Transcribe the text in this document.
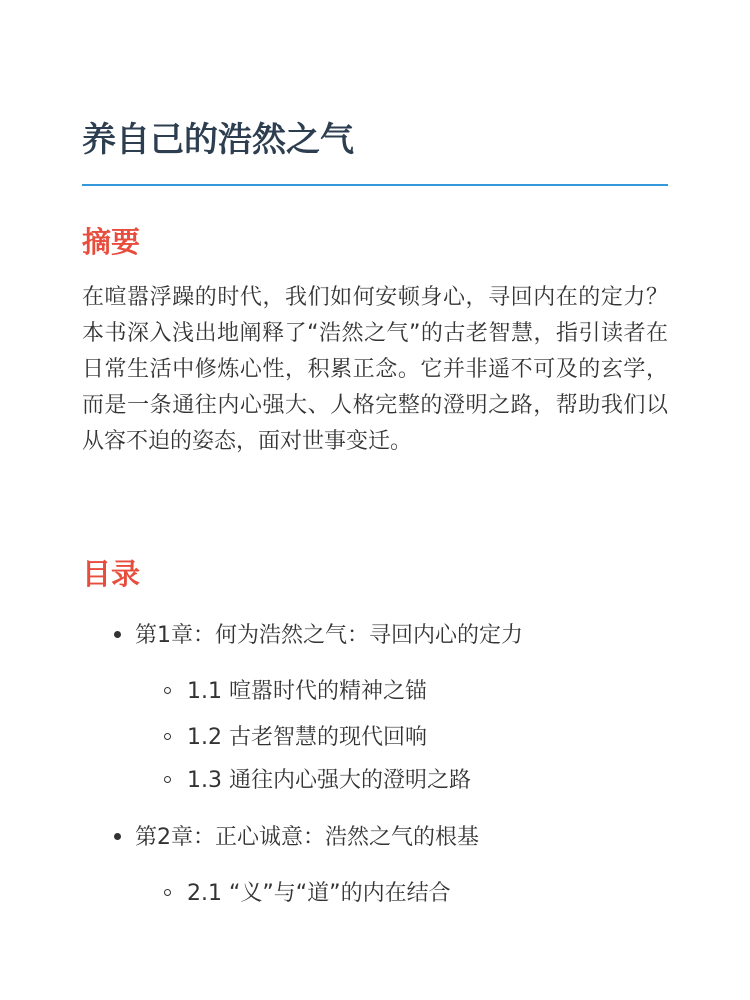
养自己的浩然之气
摘要

在喧嚣浮躁的时代，我们如何安顿身心，寻回内在的定力？本书深入浅出地阐释了“浩然之气”的古老智慧，指引读者在日常生活中修炼心性，积累正念。它并非遥不可及的玄学，而是一条通往内心强大、人格完整的澄明之路，帮助我们以从容不迫的姿态，面对世事变迁。

目录
第1章：何为浩然之气：寻回内心的定力
1.1 喧嚣时代的精神之锚
1.2 古老智慧的现代回响
1.3 通往内心强大的澄明之路
第2章：正心诚意：浩然之气的根基
2.1 “义”与“道”的内在结合
